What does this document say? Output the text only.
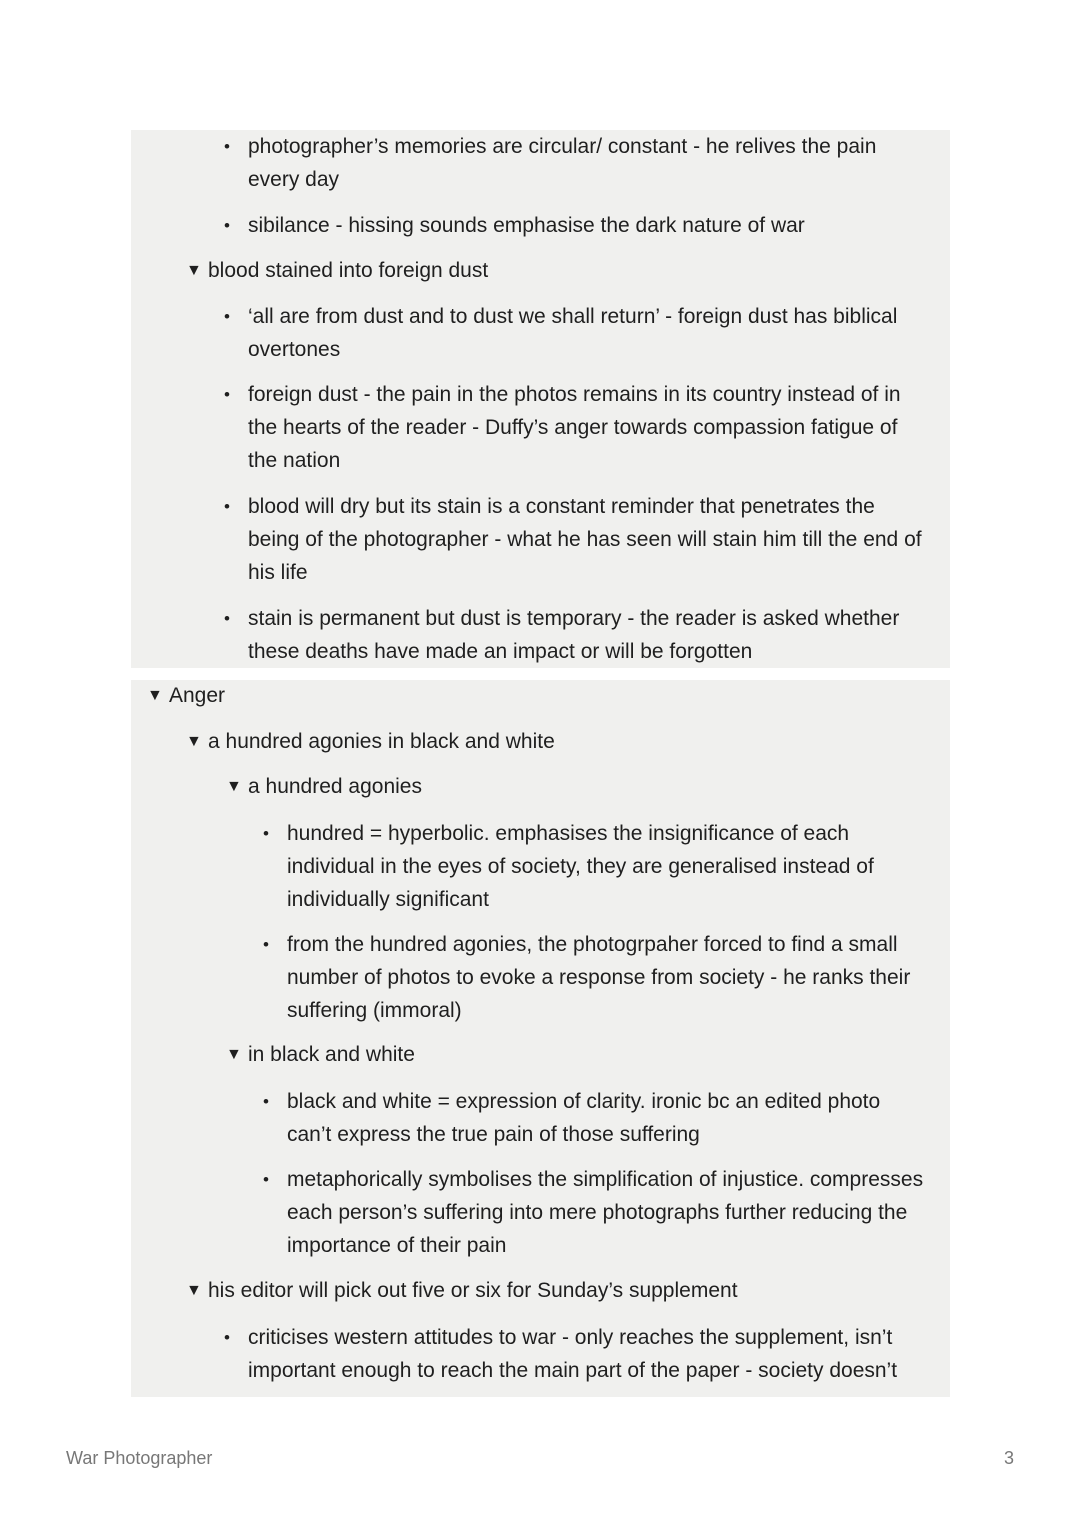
• photographer’s memories are circular/ constant - he relives the pain
every day
• sibilance - hissing sounds emphasise the dark nature of war
▼ blood stained into foreign dust
• ‘all are from dust and to dust we shall return’ - foreign dust has biblical
overtones
• foreign dust - the pain in the photos remains in its country instead of in
the hearts of the reader - Duffy’s anger towards compassion fatigue of
the nation
• blood will dry but its stain is a constant reminder that penetrates the
being of the photographer - what he has seen will stain him till the end of
his life
• stain is permanent but dust is temporary - the reader is asked whether
these deaths have made an impact or will be forgotten
▼ Anger
▼ a hundred agonies in black and white
▼ a hundred agonies
• hundred = hyperbolic. emphasises the insignificance of each
individual in the eyes of society, they are generalised instead of
individually significant
• from the hundred agonies, the photogrpaher forced to find a small
number of photos to evoke a response from society - he ranks their
suffering (immoral)
▼ in black and white
• black and white = expression of clarity. ironic bc an edited photo
can’t express the true pain of those suffering
• metaphorically symbolises the simplification of injustice. compresses
each person’s suffering into mere photographs further reducing the
importance of their pain
▼ his editor will pick out five or six for Sunday’s supplement
• criticises western attitudes to war - only reaches the supplement, isn’t
important enough to reach the main part of the paper - society doesn’t
War Photographer	3
